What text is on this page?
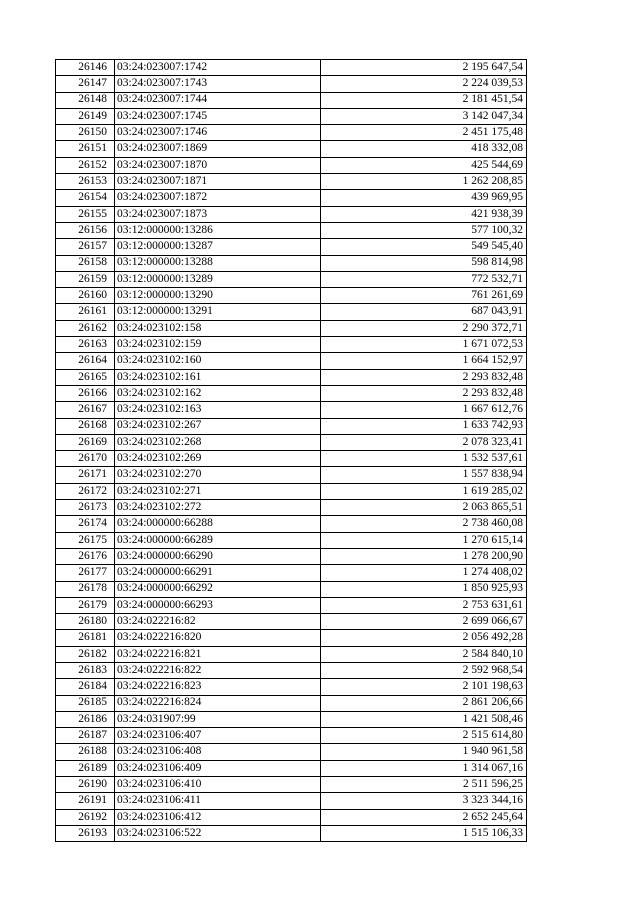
26146	03:24:023007:1742	2 195 647,54
26147	03:24:023007:1743	2 224 039,53
26148	03:24:023007:1744	2 181 451,54
26149	03:24:023007:1745	3 142 047,34
26150	03:24:023007:1746	2 451 175,48
26151	03:24:023007:1869	418 332,08
26152	03:24:023007:1870	425 544,69
26153	03:24:023007:1871	1 262 208,85
26154	03:24:023007:1872	439 969,95
26155	03:24:023007:1873	421 938,39
26156	03:12:000000:13286	577 100,32
26157	03:12:000000:13287	549 545,40
26158	03:12:000000:13288	598 814,98
26159	03:12:000000:13289	772 532,71
26160	03:12:000000:13290	761 261,69
26161	03:12:000000:13291	687 043,91
26162	03:24:023102:158	2 290 372,71
26163	03:24:023102:159	1 671 072,53
26164	03:24:023102:160	1 664 152,97
26165	03:24:023102:161	2 293 832,48
26166	03:24:023102:162	2 293 832,48
26167	03:24:023102:163	1 667 612,76
26168	03:24:023102:267	1 633 742,93
26169	03:24:023102:268	2 078 323,41
26170	03:24:023102:269	1 532 537,61
26171	03:24:023102:270	1 557 838,94
26172	03:24:023102:271	1 619 285,02
26173	03:24:023102:272	2 063 865,51
26174	03:24:000000:66288	2 738 460,08
26175	03:24:000000:66289	1 270 615,14
26176	03:24:000000:66290	1 278 200,90
26177	03:24:000000:66291	1 274 408,02
26178	03:24:000000:66292	1 850 925,93
26179	03:24:000000:66293	2 753 631,61
26180	03:24:022216:82	2 699 066,67
26181	03:24:022216:820	2 056 492,28
26182	03:24:022216:821	2 584 840,10
26183	03:24:022216:822	2 592 968,54
26184	03:24:022216:823	2 101 198,63
26185	03:24:022216:824	2 861 206,66
26186	03:24:031907:99	1 421 508,46
26187	03:24:023106:407	2 515 614,80
26188	03:24:023106:408	1 940 961,58
26189	03:24:023106:409	1 314 067,16
26190	03:24:023106:410	2 511 596,25
26191	03:24:023106:411	3 323 344,16
26192	03:24:023106:412	2 652 245,64
26193	03:24:023106:522	1 515 106,33
